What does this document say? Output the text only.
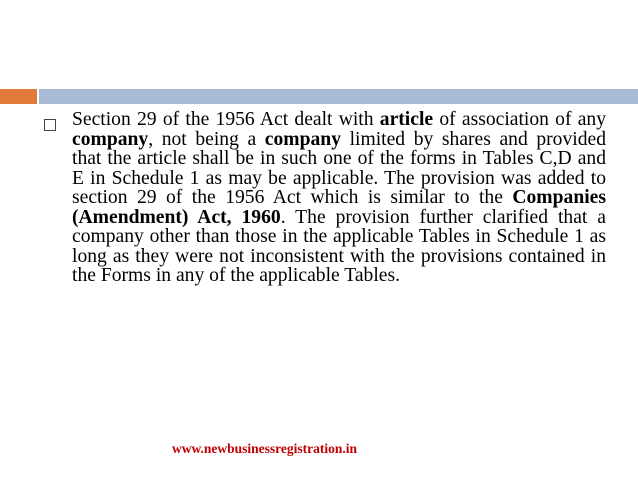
Section 29 of the 1956 Act dealt with article of association of any company, not being a company limited by shares and provided that the article shall be in such one of the forms in Tables C,D and E in Schedule 1 as may be applicable. The provision was added to section 29 of the 1956 Act which is similar to the Companies (Amendment) Act, 1960. The provision further clarified that a company other than those in the applicable Tables in Schedule 1 as long as they were not inconsistent with the provisions contained in the Forms in any of the applicable Tables.

www.newbusinessregistration.in
